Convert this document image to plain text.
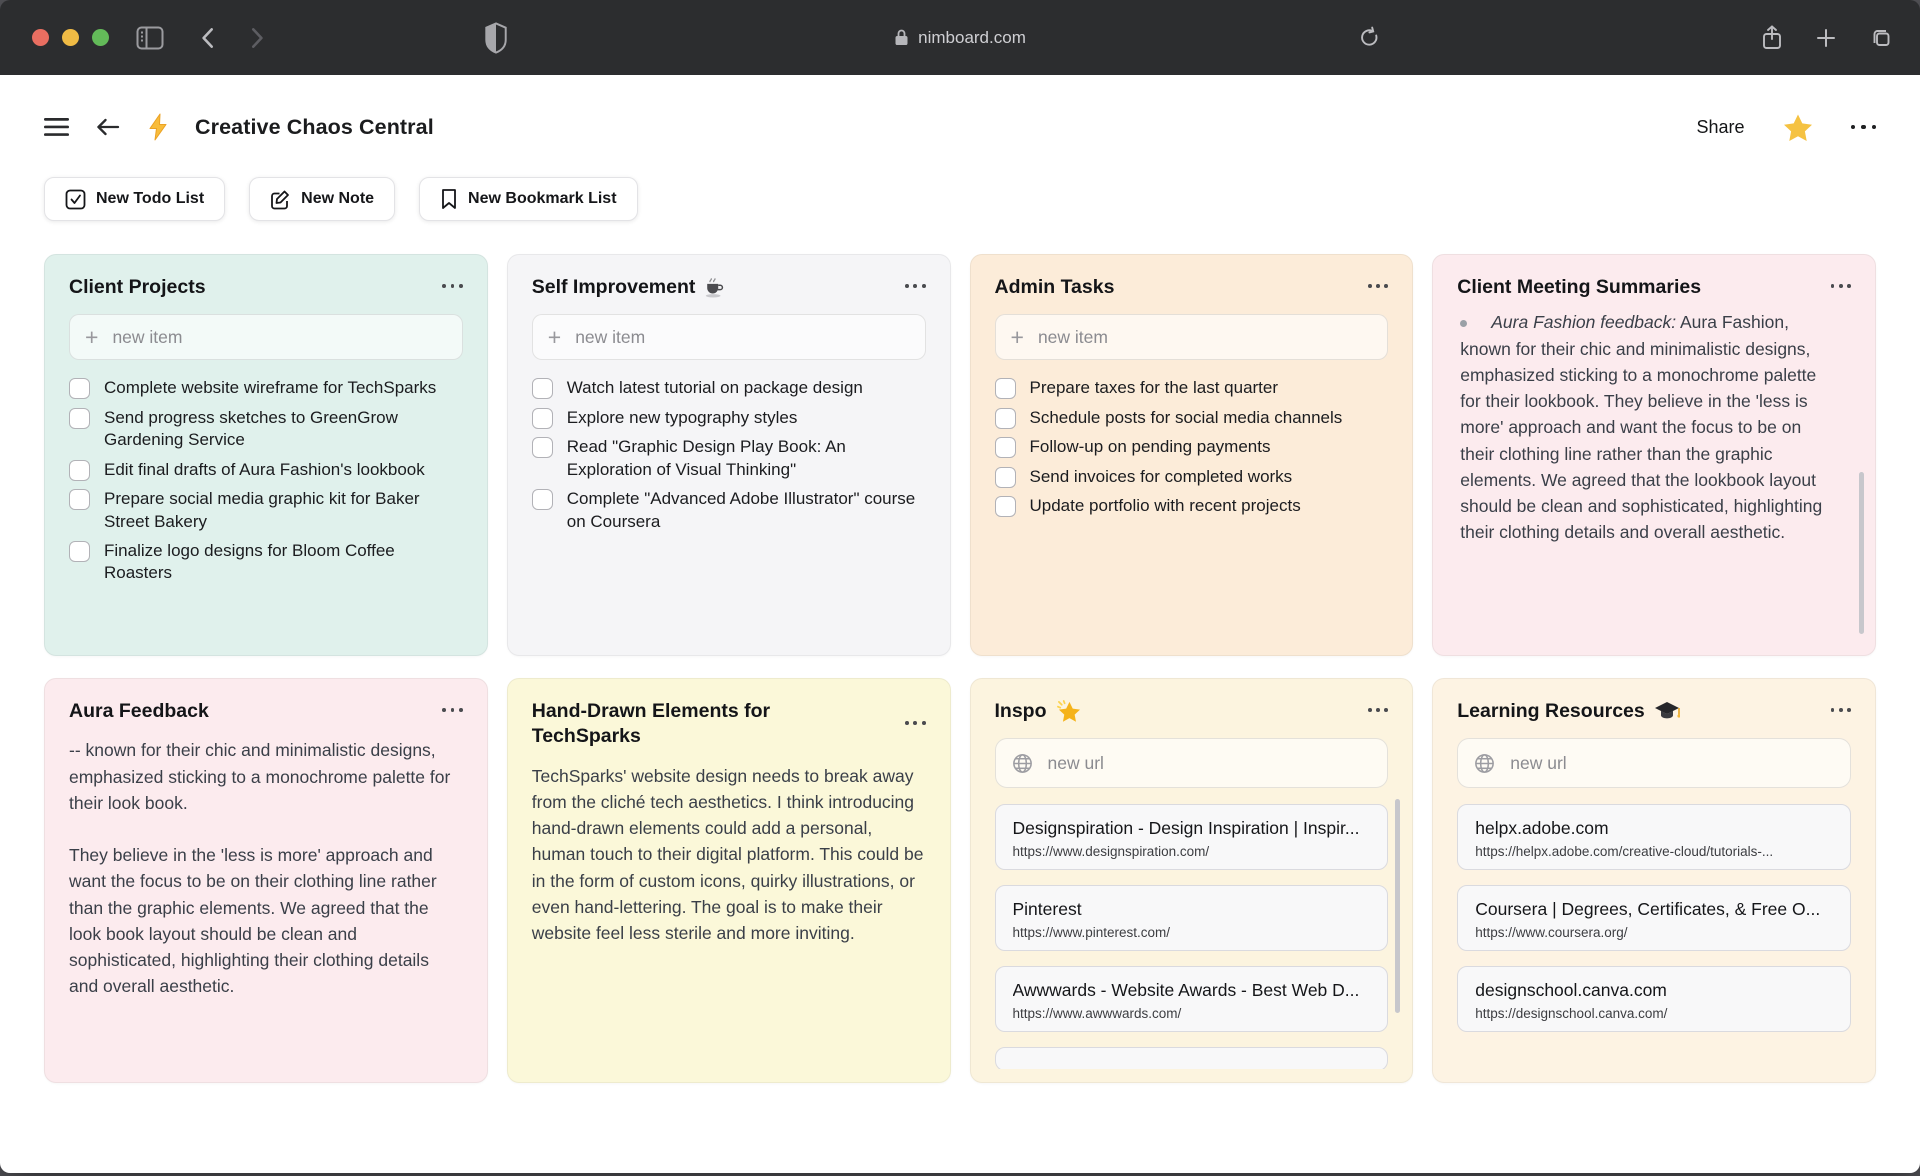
nimboard.com
Creative Chaos Central	Share
New Todo List	New Note	New Bookmark List
Client Projects
+
new item
Complete website wireframe for TechSparks
Send progress sketches to GreenGrow Gardening Service
Edit final drafts of Aura Fashion's lookbook
Prepare social media graphic kit for Baker Street Bakery
Finalize logo designs for Bloom Coffee Roasters
Self Improvement
+
new item
Watch latest tutorial on package design
Explore new typography styles
Read "Graphic Design Play Book: An Exploration of Visual Thinking"
Complete "Advanced Adobe Illustrator" course on Coursera
Admin Tasks
+
new item
Prepare taxes for the last quarter
Schedule posts for social media channels
Follow-up on pending payments
Send invoices for completed works
Update portfolio with recent projects
Client Meeting Summaries

Aura Fashion feedback: Aura Fashion, known for their chic and minimalistic designs, emphasized sticking to a monochrome palette for their lookbook. They believe in the 'less is more' approach and want the focus to be on their clothing line rather than the graphic elements. We agreed that the lookbook layout should be clean and sophisticated, highlighting their clothing details and overall aesthetic.

Aura Feedback

-- known for their chic and minimalistic designs, emphasized sticking to a monochrome palette for their look book.

They believe in the 'less is more' approach and want the focus to be on their clothing line rather than the graphic elements. We agreed that the look book layout should be clean and sophisticated, highlighting their clothing details and overall aesthetic.

Hand-Drawn Elements for TechSparks

TechSparks' website design needs to break away from the cliché tech aesthetics. I think introducing hand-drawn elements could add a personal, human touch to their digital platform. This could be in the form of custom icons, quirky illustrations, or even hand-lettering. The goal is to make their website feel less sterile and more inviting.

Inspo
new url
Designspiration - Design Inspiration | Inspir...
https://www.designspiration.com/
Pinterest
https://www.pinterest.com/
Awwwards - Website Awards - Best Web D...
https://www.awwwards.com/
Learning Resources
new url
helpx.adobe.com
https://helpx.adobe.com/creative-cloud/tutorials-...
Coursera | Degrees, Certificates, & Free O...
https://www.coursera.org/
designschool.canva.com
https://designschool.canva.com/
